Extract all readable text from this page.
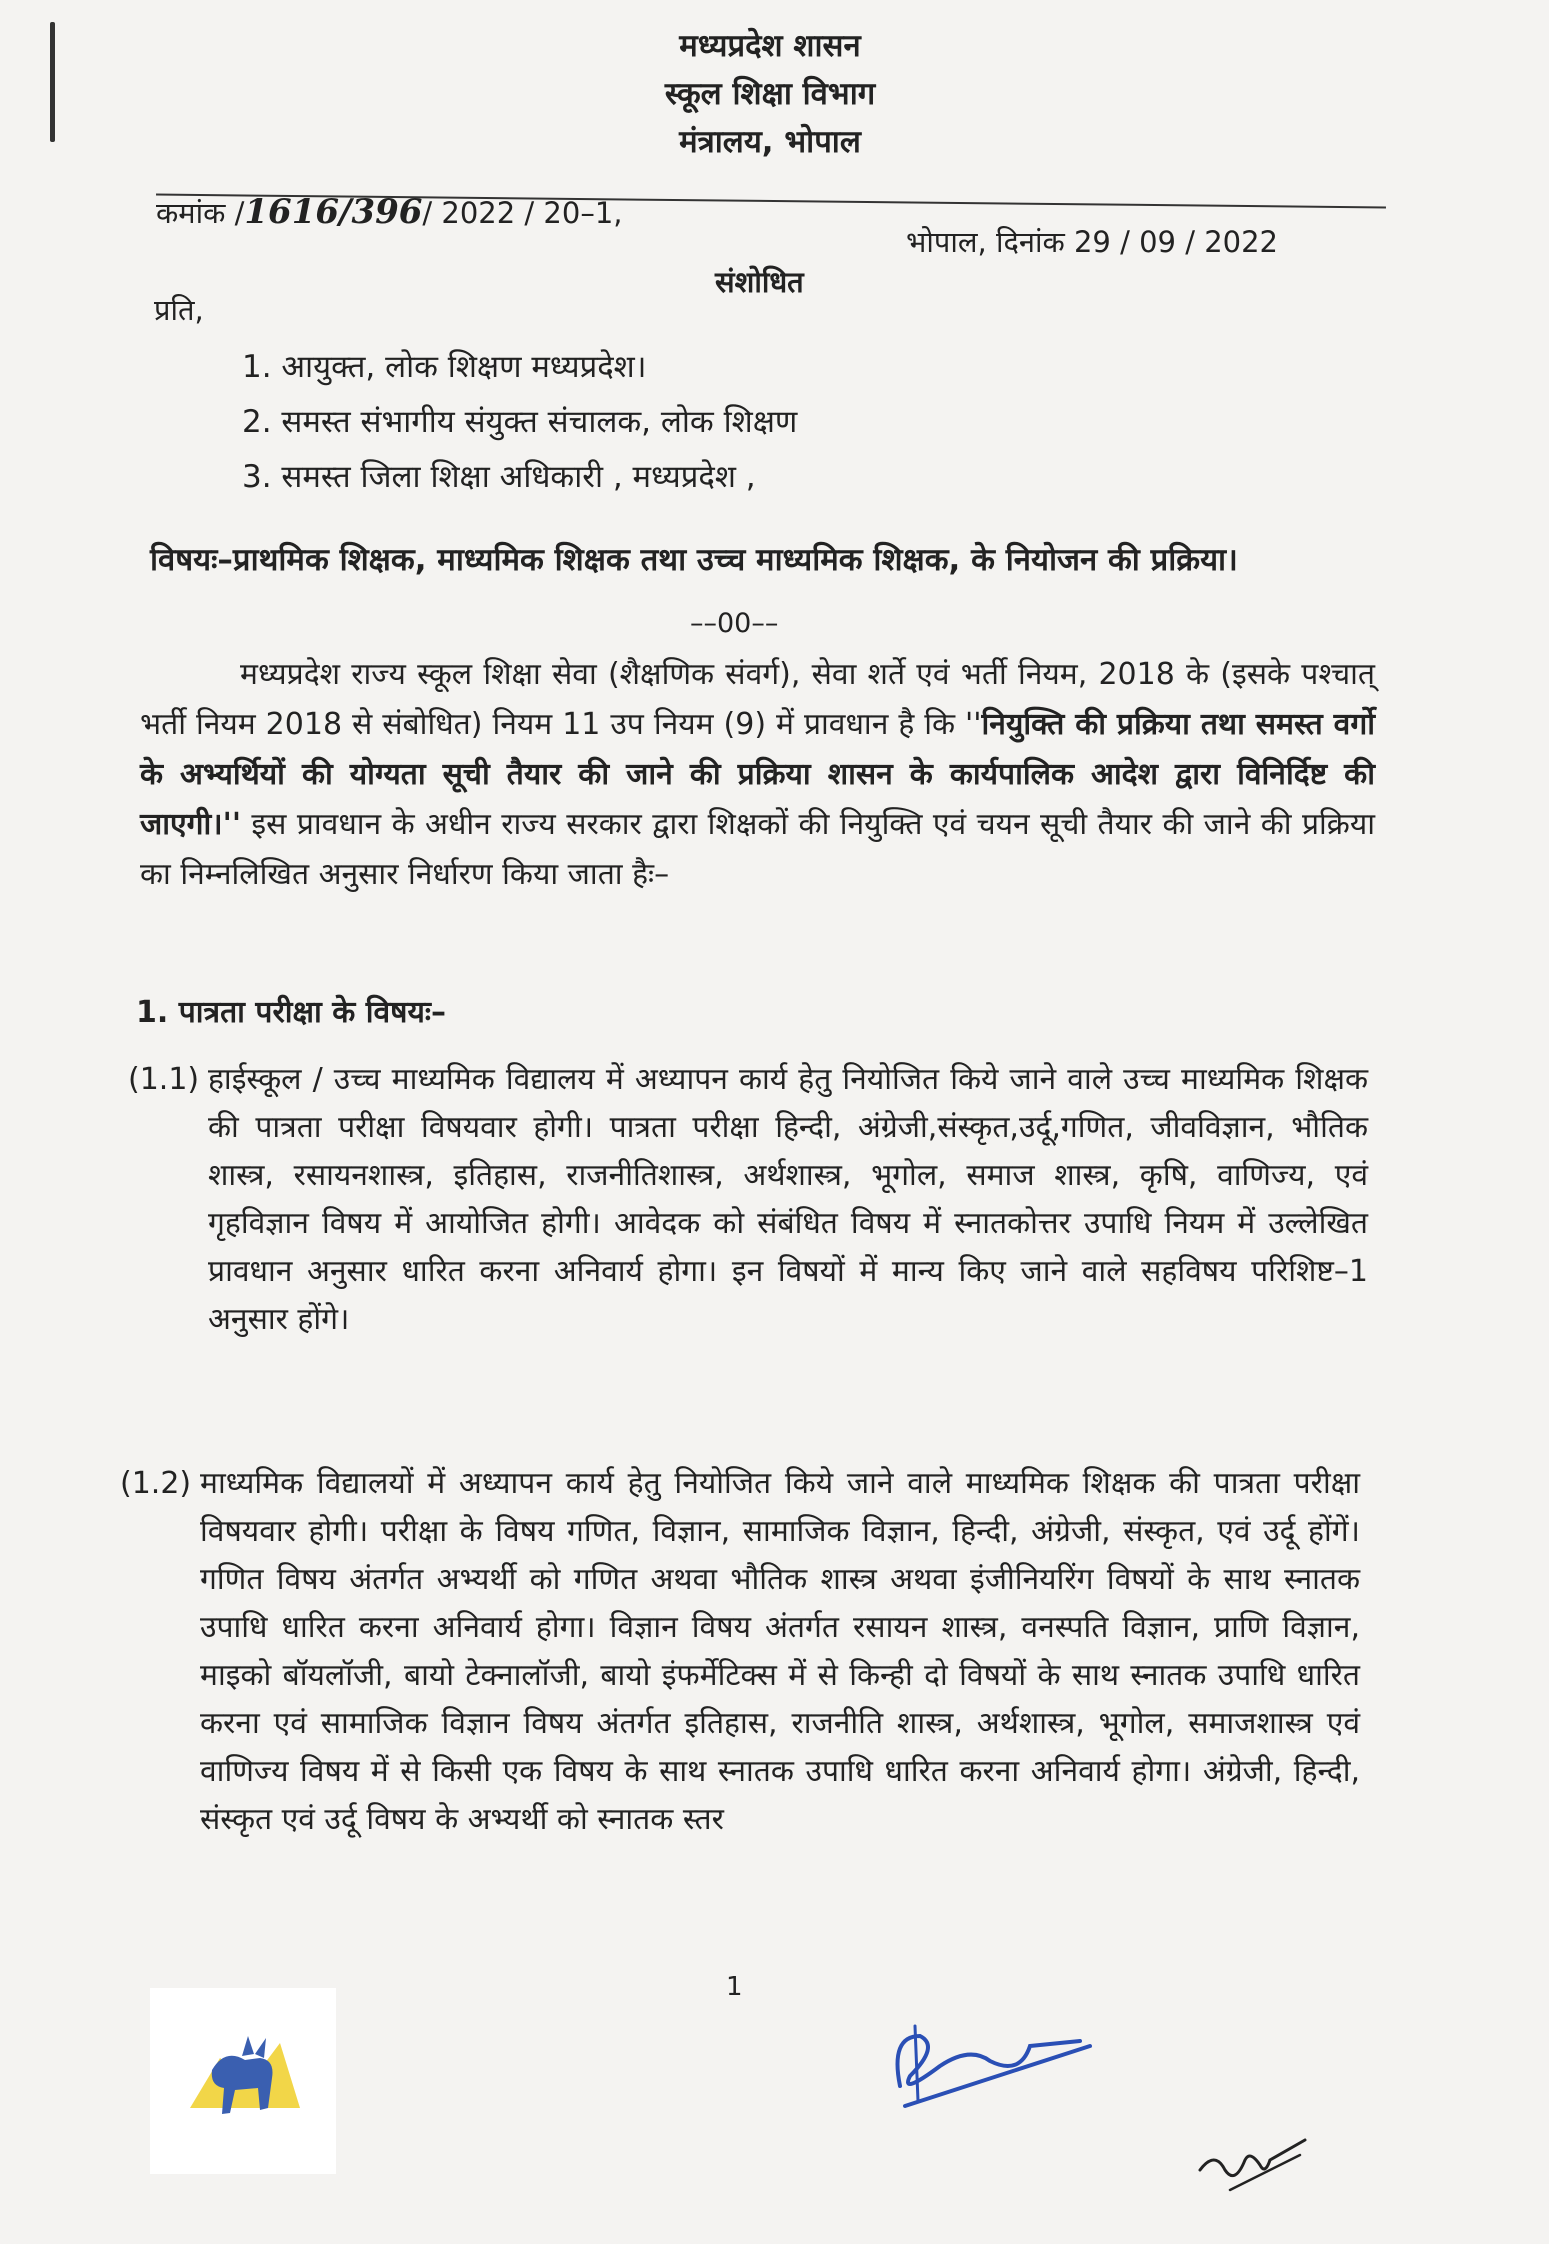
मध्यप्रदेश शासन
स्कूल शिक्षा विभाग
मंत्रालय, भोपाल
कमांक /1616/396/ 2022 / 20–1,
भोपाल, दिनांक 29 / 09 / 2022
संशोधित
प्रति,
1. आयुक्त, लोक शिक्षण मध्यप्रदेश।
2. समस्त संभागीय संयुक्त संचालक, लोक शिक्षण
3. समस्त जिला शिक्षा अधिकारी , मध्यप्रदेश ,
विषयः–प्राथमिक शिक्षक, माध्यमिक शिक्षक तथा उच्च माध्यमिक शिक्षक, के नियोजन की प्रक्रिया।
––00––
मध्यप्रदेश राज्य स्कूल शिक्षा सेवा (शैक्षणिक संवर्ग), सेवा शर्ते एवं भर्ती नियम, 2018 के (इसके पश्चात् भर्ती नियम 2018 से संबोधित) नियम 11 उप नियम (9) में प्रावधान है कि ''नियुक्ति की प्रक्रिया तथा समस्त वर्गो के अभ्यर्थियों की योग्यता सूची तैयार की जाने की प्रक्रिया शासन के कार्यपालिक आदेश द्वारा विनिर्दिष्ट की जाएगी।'' इस प्रावधान के अधीन राज्य सरकार द्वारा शिक्षकों की नियुक्ति एवं चयन सूची तैयार की जाने की प्रक्रिया का निम्नलिखित अनुसार निर्धारण किया जाता हैः–
1. पात्रता परीक्षा के विषयः–
(1.1) हाईस्कूल / उच्च माध्यमिक विद्यालय में अध्यापन कार्य हेतु नियोजित किये जाने वाले उच्च माध्यमिक शिक्षक की पात्रता परीक्षा विषयवार होगी। पात्रता परीक्षा हिन्दी, अंग्रेजी,संस्कृत,उर्दू,गणित, जीवविज्ञान, भौतिक शास्त्र, रसायनशास्त्र, इतिहास, राजनीतिशास्त्र, अर्थशास्त्र, भूगोल, समाज शास्त्र, कृषि, वाणिज्य, एवं गृहविज्ञान विषय में आयोजित होगी। आवेदक को संबंधित विषय में स्नातकोत्तर उपाधि नियम में उल्लेखित प्रावधान अनुसार धारित करना अनिवार्य होगा। इन विषयों में मान्य किए जाने वाले सहविषय परिशिष्ट–1 अनुसार होंगे।
(1.2) माध्यमिक विद्यालयों में अध्यापन कार्य हेतु नियोजित किये जाने वाले माध्यमिक शिक्षक की पात्रता परीक्षा विषयवार होगी। परीक्षा के विषय गणित, विज्ञान, सामाजिक विज्ञान, हिन्दी, अंग्रेजी, संस्कृत, एवं उर्दू होंगें। गणित विषय अंतर्गत अभ्यर्थी को गणित अथवा भौतिक शास्त्र अथवा इंजीनियरिंग विषयों के साथ स्नातक उपाधि धारित करना अनिवार्य होगा। विज्ञान विषय अंतर्गत रसायन शास्त्र, वनस्पति विज्ञान, प्राणि विज्ञान, माइको बॉयलॉजी, बायो टेक्नालॉजी, बायो इंफर्मेटिक्स में से किन्ही दो विषयों के साथ स्नातक उपाधि धारित करना एवं सामाजिक विज्ञान विषय अंतर्गत इतिहास, राजनीति शास्त्र, अर्थशास्त्र, भूगोल, समाजशास्त्र एवं वाणिज्य विषय में से किसी एक विषय के साथ स्नातक उपाधि धारित करना अनिवार्य होगा। अंग्रेजी, हिन्दी, संस्कृत एवं उर्दू विषय के अभ्यर्थी को स्नातक स्तर
1
